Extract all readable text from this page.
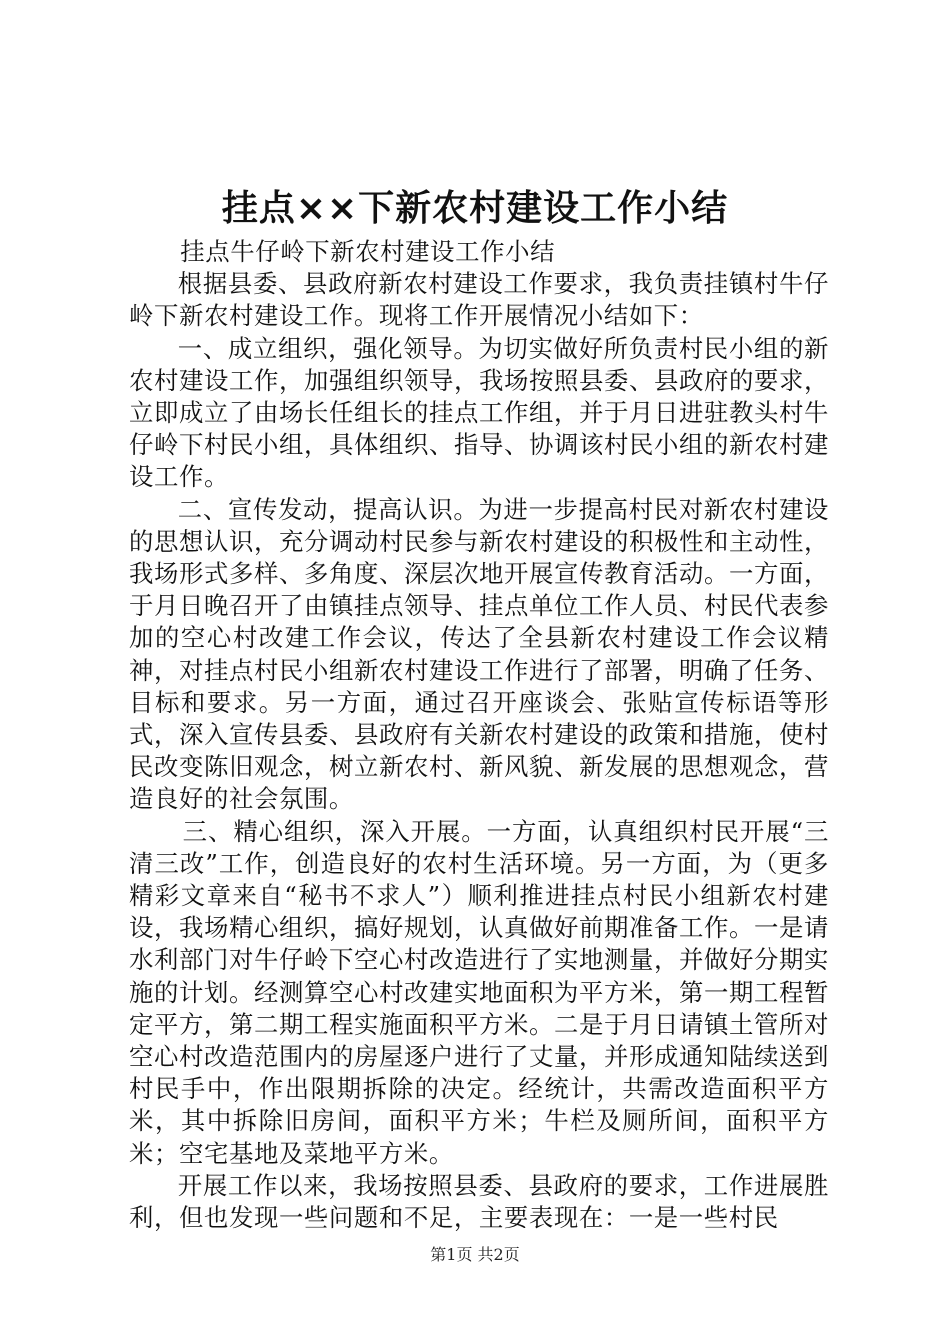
挂点××下新农村建设工作小结

挂点牛仔岭下新农村建设工作小结

根据县委、县政府新农村建设工作要求，我负责挂镇村牛仔岭下新农村建设工作。现将工作开展情况小结如下：

一、成立组织，强化领导。为切实做好所负责村民小组的新农村建设工作，加强组织领导，我场按照县委、县政府的要求，立即成立了由场长任组长的挂点工作组，并于月日进驻教头村牛仔岭下村民小组，具体组织、指导、协调该村民小组的新农村建设工作。

二、宣传发动，提高认识。为进一步提高村民对新农村建设的思想认识，充分调动村民参与新农村建设的积极性和主动性，我场形式多样、多角度、深层次地开展宣传教育活动。一方面，于月日晚召开了由镇挂点领导、挂点单位工作人员、村民代表参加的空心村改建工作会议，传达了全县新农村建设工作会议精神，对挂点村民小组新农村建设工作进行了部署，明确了任务、目标和要求。另一方面，通过召开座谈会、张贴宣传标语等形式，深入宣传县委、县政府有关新农村建设的政策和措施，使村民改变陈旧观念，树立新农村、新风貌、新发展的思想观念，营造良好的社会氛围。

三、精心组织，深入开展。一方面，认真组织村民开展“三清三改”工作，创造良好的农村生活环境。另一方面，为（更多精彩文章来自“秘书不求人”）顺利推进挂点村民小组新农村建设，我场精心组织，搞好规划，认真做好前期准备工作。一是请水利部门对牛仔岭下空心村改造进行了实地测量，并做好分期实施的计划。经测算空心村改建实地面积为平方米，第一期工程暂定平方，第二期工程实施面积平方米。二是于月日请镇土管所对空心村改造范围内的房屋逐户进行了丈量，并形成通知陆续送到村民手中，作出限期拆除的决定。经统计，共需改造面积平方米，其中拆除旧房间，面积平方米；牛栏及厕所间，面积平方米；空宅基地及菜地平方米。

开展工作以来，我场按照县委、县政府的要求，工作进展胜利，但也发现一些问题和不足，主要表现在：一是一些村民

第1页 共2页
